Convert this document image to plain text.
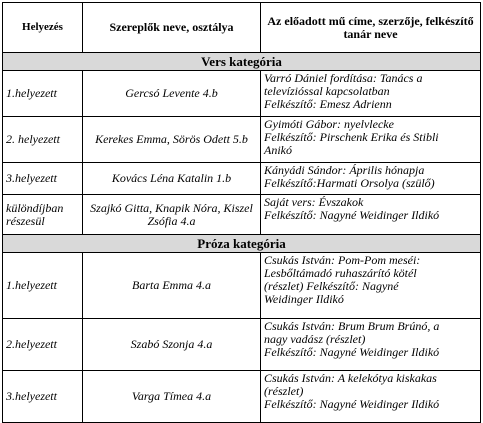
Helyezés	Szereplők neve, osztálya	Az előadott mű címe, szerzője, felkészítő tanár neve
Vers kategória		
1.helyezett	Gercsó Levente 4.b	Varró Dániel fordítása: Tanács a
televízióssal kapcsolatban
Felkészítő: Emesz Adrienn

2. helyezett	Kerekes Emma, Sörös Odett 5.b	Gyimóti Gábor: nyelvlecke
Felkészítő: Pirschenk Erika és Stibli
Anikó

3.helyezett	Kovács Léna Katalin 1.b	Kányádi Sándor: Április hónapja
Felkészítő:Harmati Orsolya (szülő)

különdíjban részesül	Szajkó Gitta, Knapik Nóra, Kiszel Zsófia 4.a	Saját vers: Évszakok
Felkészítő: Nagyné Weidinger Ildikó

Próza kategória		
1.helyezett	Barta Emma 4.a	Csukás István: Pom-Pom meséi:
Lesbőltámadó ruhaszárító kötél
(részlet) Felkészítő: Nagyné
Weidinger Ildikó

2.helyezett	Szabó Szonja 4.a	Csukás István: Brum Brum Brúnó, a
nagy vadász (részlet)
Felkészítő: Nagyné Weidinger Ildikó

3.helyezett	Varga Tímea 4.a	Csukás István: A kelekótya kiskakas
(részlet)
Felkészítő: Nagyné Weidinger Ildikó
